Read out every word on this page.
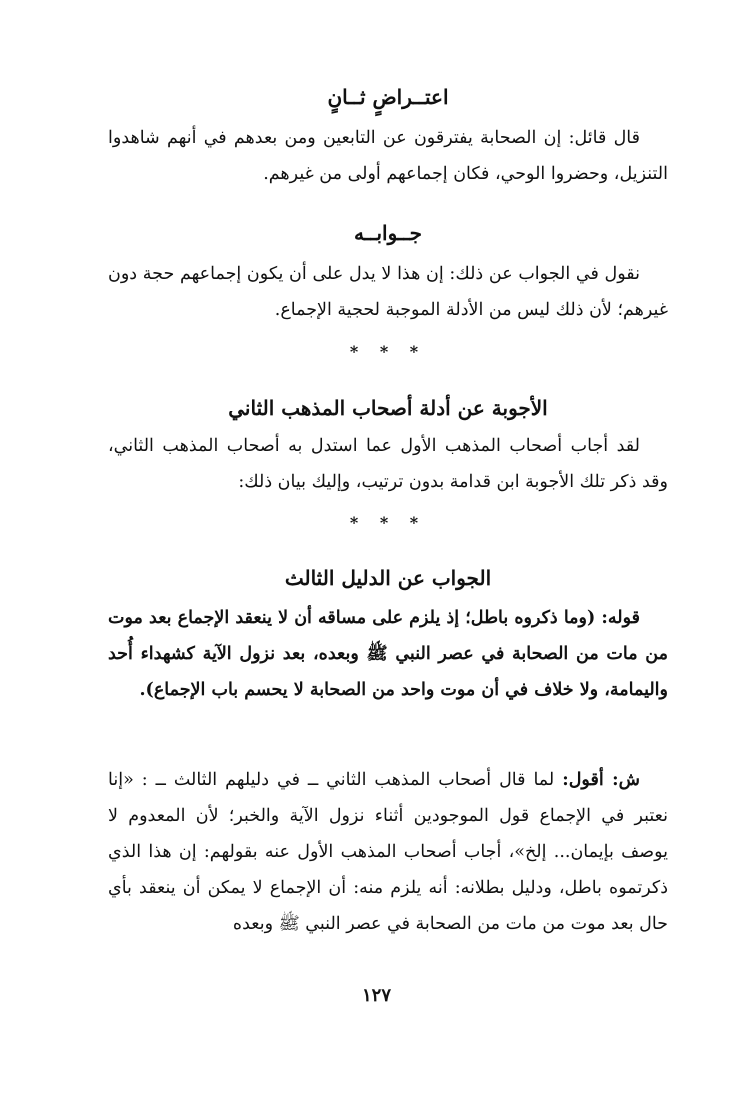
اعتــراضٍ ثــانٍ
قال قائل: إن الصحابة يفترقون عن التابعين ومن بعدهم في أنهم شاهدوا التنزيل، وحضروا الوحي، فكان إجماعهم أولى من غيرهم.
جــوابــه
نقول في الجواب عن ذلك: إن هذا لا يدل على أن يكون إجماعهم حجة دون غيرهم؛ لأن ذلك ليس من الأدلة الموجبة لحجية الإجماع.
* * *
الأجوبة عن أدلة أصحاب المذهب الثاني
لقد أجاب أصحاب المذهب الأول عما استدل به أصحاب المذهب الثاني، وقد ذكر تلك الأجوبة ابن قدامة بدون ترتيب، وإليك بيان ذلك:
* * *
الجواب عن الدليل الثالث
قوله: (وما ذكروه باطل؛ إذ يلزم على مساقه أن لا ينعقد الإجماع بعد موت من مات من الصحابة في عصر النبي ﷺ وبعده، بعد نزول الآية كشهداء أُحد واليمامة، ولا خلاف في أن موت واحد من الصحابة لا يحسم باب الإجماع).
ش: أقول: لما قال أصحاب المذهب الثاني ــ في دليلهم الثالث ــ : «إنا نعتبر في الإجماع قول الموجودين أثناء نزول الآية والخبر؛ لأن المعدوم لا يوصف بإيمان... إلخ»، أجاب أصحاب المذهب الأول عنه بقولهم: إن هذا الذي ذكرتموه باطل، ودليل بطلانه: أنه يلزم منه: أن الإجماع لا يمكن أن ينعقد بأي حال بعد موت من مات من الصحابة في عصر النبي ﷺ وبعده
١٢٧
